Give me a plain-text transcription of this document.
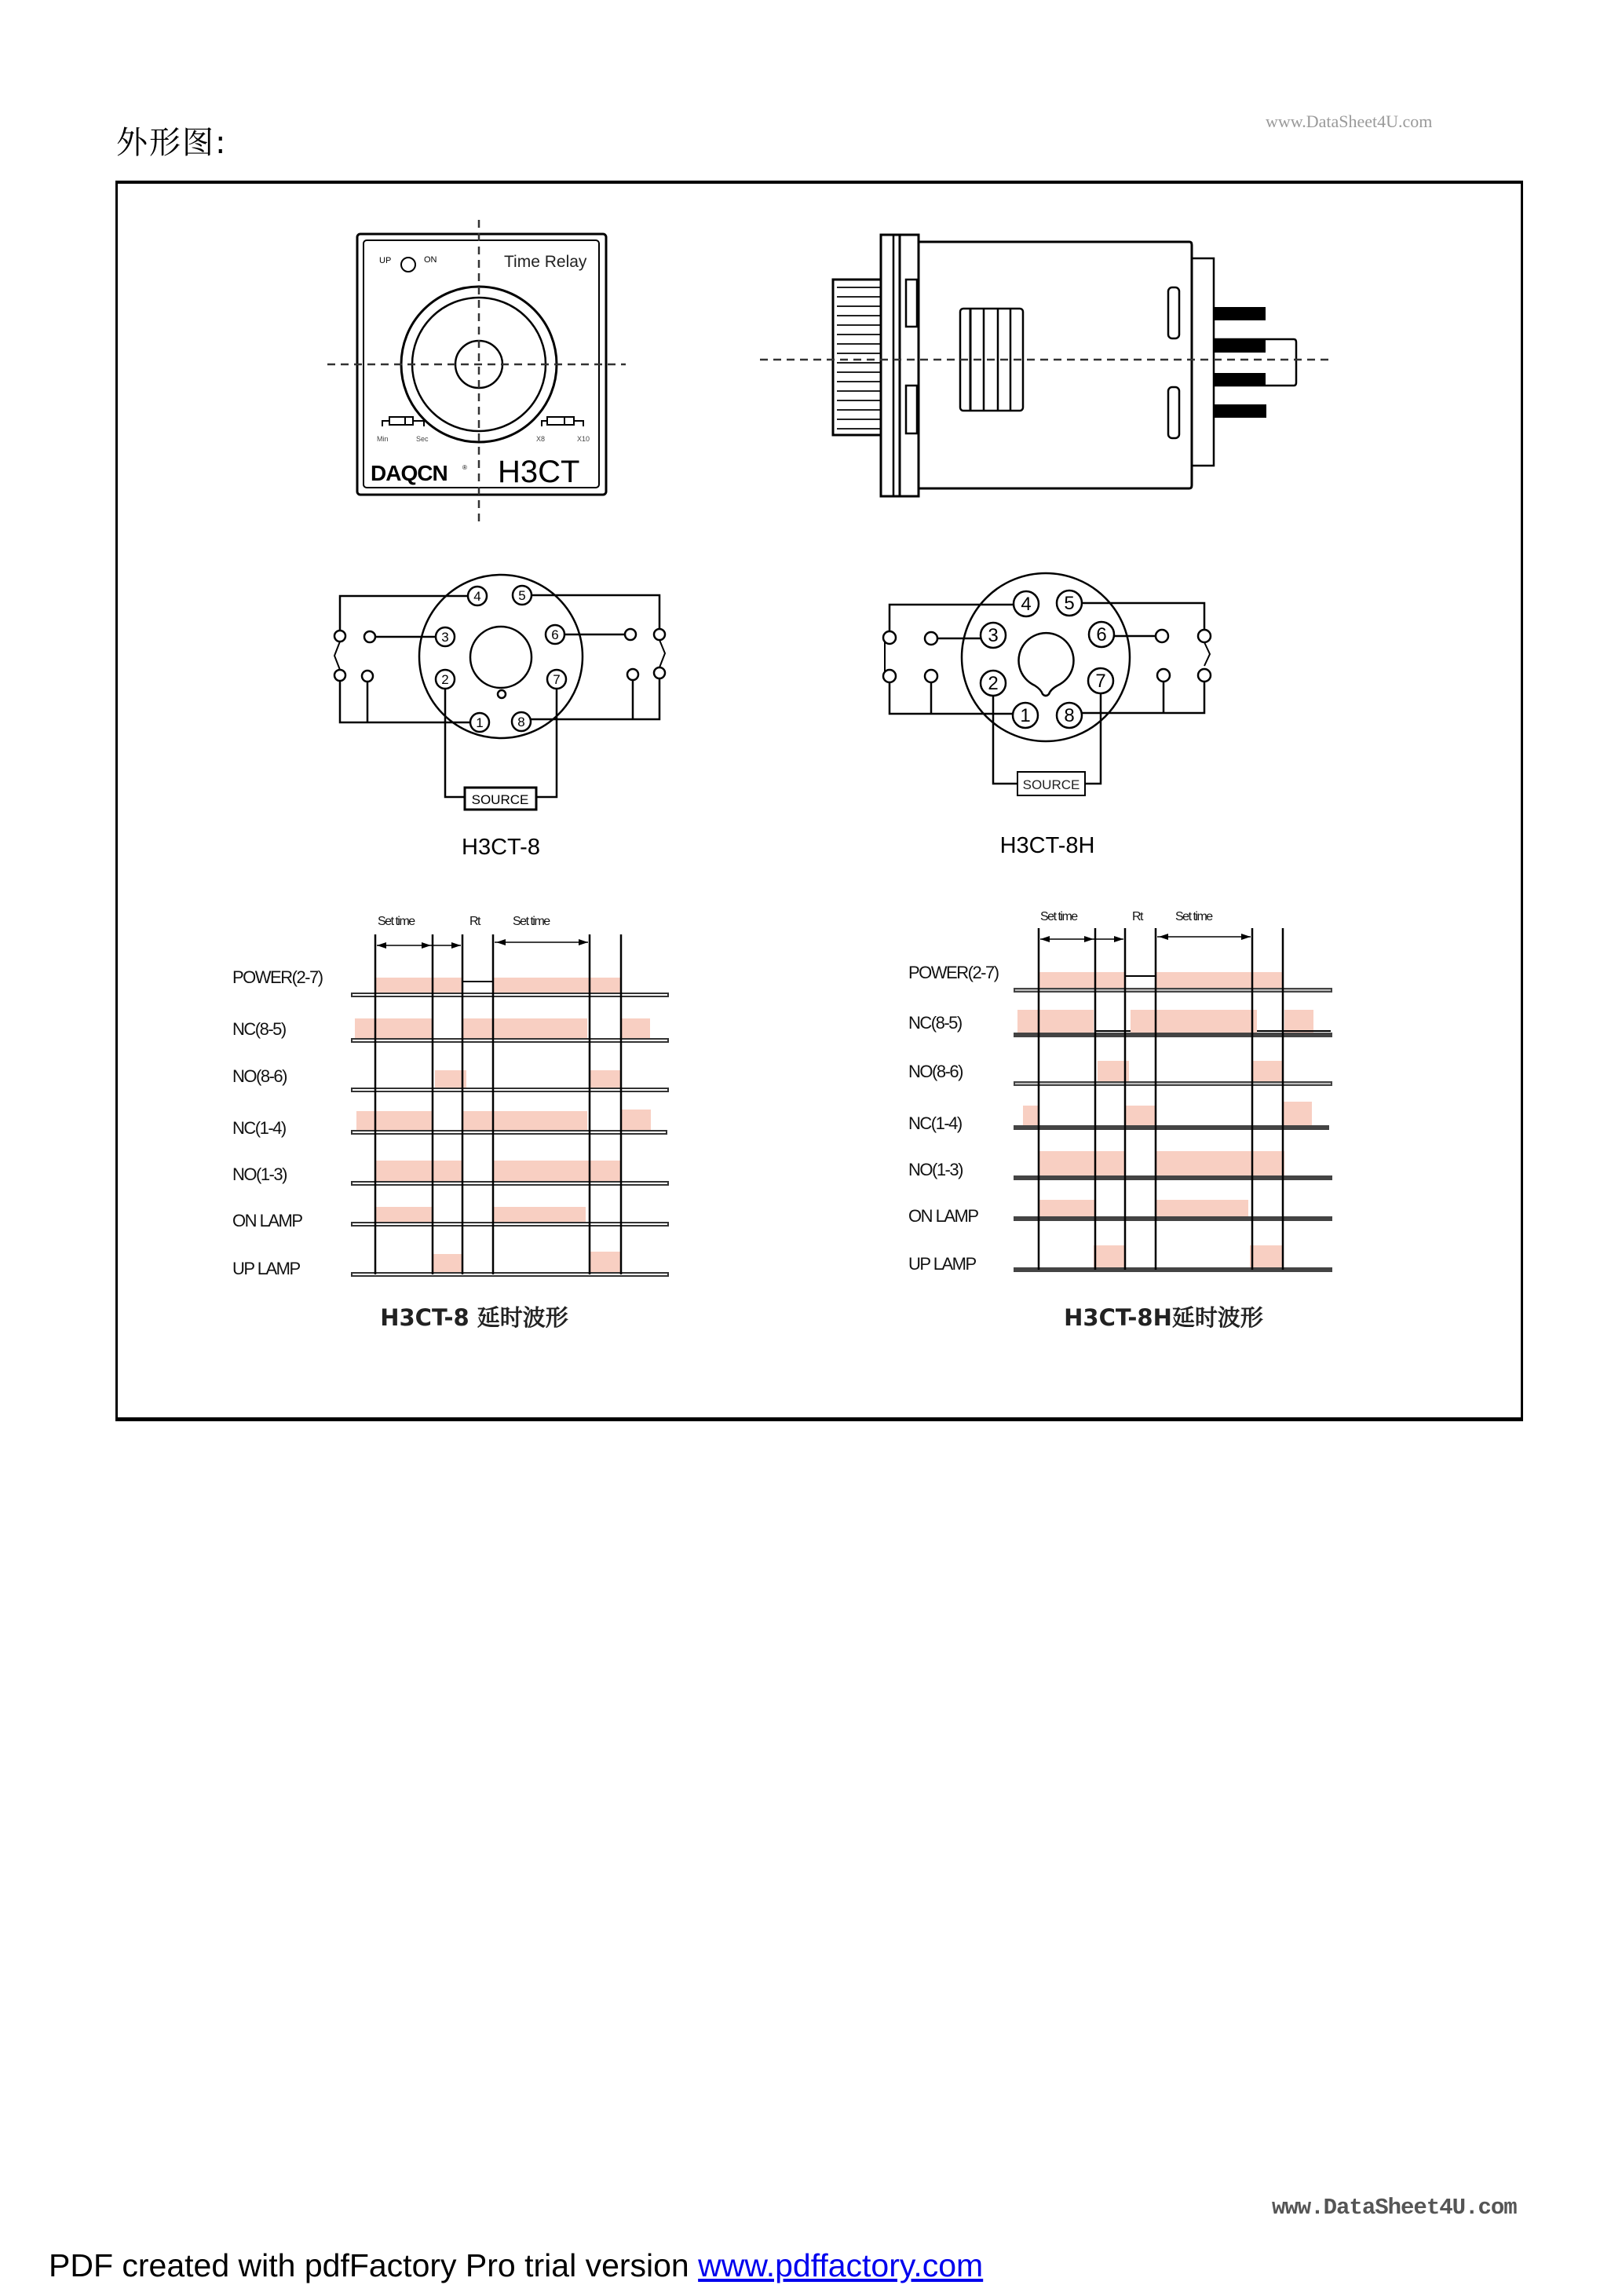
外形图:
www.DataSheet4U.com
UP	ON	Time Relay
Min	Sec	X8	X10
DAQCN ® H3CT
4	5
3	6
2	7
1	8
SOURCE
H3CT-8
4 5
3	6
2	7
1 8
SOURCE
H3CT-8H
Set time	Rt	Set time
POWER(2-7)
NC(8-5)
NO(8-6)
NC(1-4)
NO(1-3)
ON LAMP
UP LAMP
H3CT-8 延时波形
Set time	Rt	Set time
POWER(2-7)
NC(8-5)
NO(8-6)
NC(1-4)
NO(1-3)
ON LAMP
UP LAMP
H3CT-8H延时波形
www.DataSheet4U.com
PDF created with pdfFactory Pro trial version www.pdffactory.com
